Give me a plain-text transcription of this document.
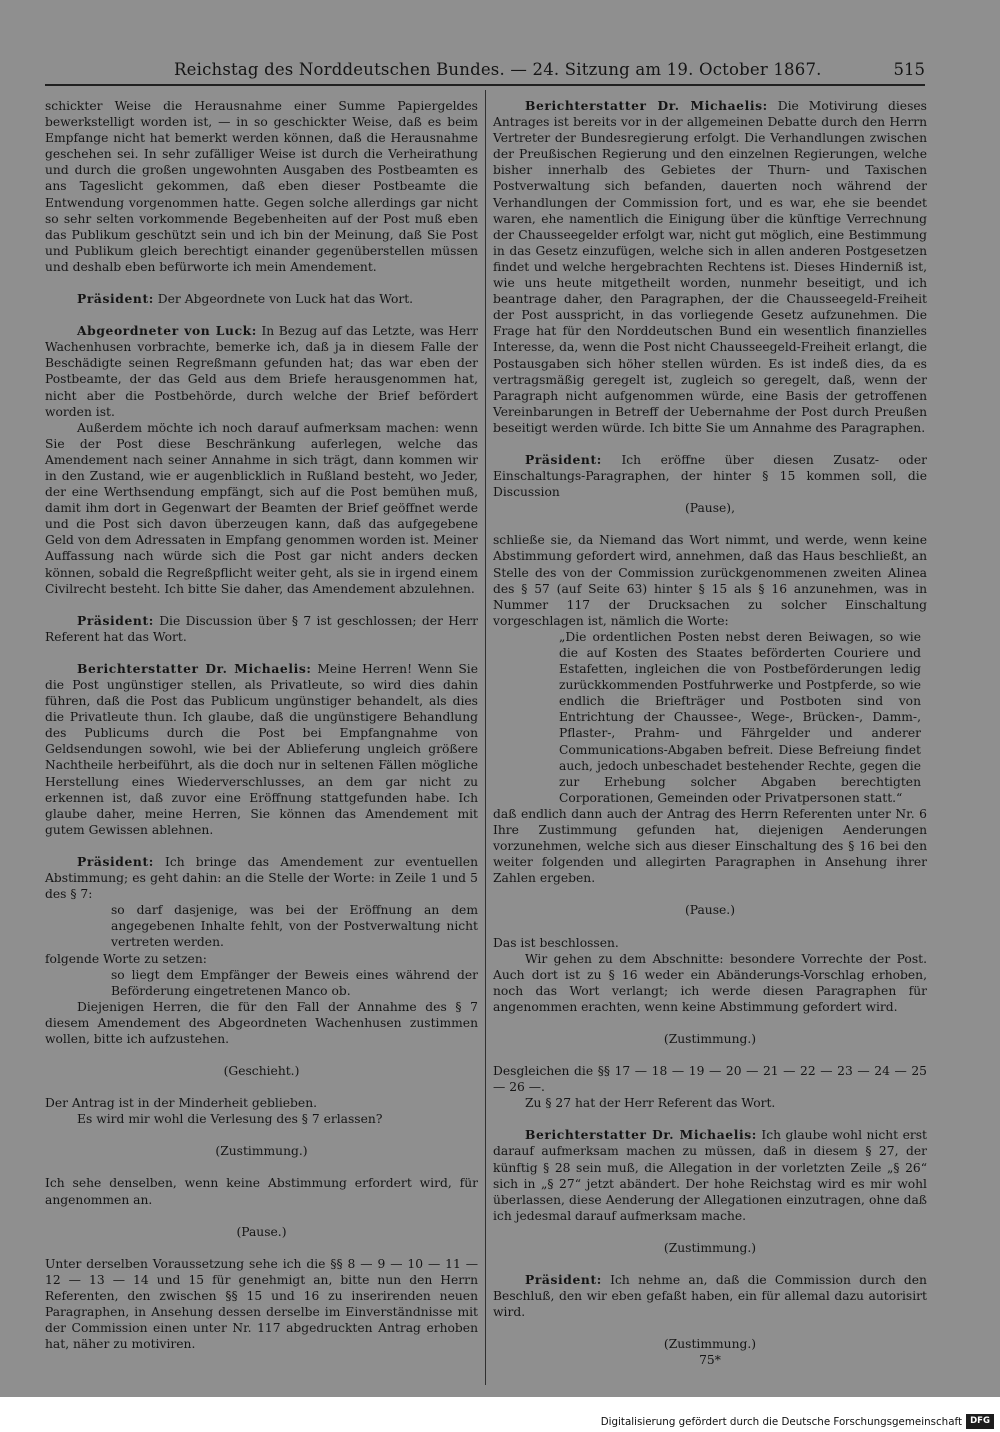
Reichstag des Norddeutschen Bundes. — 24. Sitzung am 19. October 1867.	515

schickter Weise die Herausnahme einer Summe Papiergeldes bewerkstelligt worden ist, — in so geschickter Weise, daß es beim Empfange nicht hat bemerkt werden können, daß die Herausnahme geschehen sei. In sehr zufälliger Weise ist durch die Verheirathung und durch die großen ungewohnten Ausgaben des Postbeamten es ans Tageslicht gekommen, daß eben dieser Postbeamte die Entwendung vorgenommen hatte. Gegen solche allerdings gar nicht so sehr selten vorkommende Begebenheiten auf der Post muß eben das Publikum geschützt sein und ich bin der Meinung, daß Sie Post und Publikum gleich berechtigt einander gegenüberstellen müssen und deshalb eben befürworte ich mein Amendement.

Präsident: Der Abgeordnete von Luck hat das Wort.

Abgeordneter von Luck: In Bezug auf das Letzte, was Herr Wachenhusen vorbrachte, bemerke ich, daß ja in diesem Falle der Beschädigte seinen Regreßmann gefunden hat; das war eben der Postbeamte, der das Geld aus dem Briefe herausgenommen hat, nicht aber die Postbehörde, durch welche der Brief befördert worden ist.

Außerdem möchte ich noch darauf aufmerksam machen: wenn Sie der Post diese Beschränkung auferlegen, welche das Amendement nach seiner Annahme in sich trägt, dann kommen wir in den Zustand, wie er augenblicklich in Rußland besteht, wo Jeder, der eine Werthsendung empfängt, sich auf die Post bemühen muß, damit ihm dort in Gegenwart der Beamten der Brief geöffnet werde und die Post sich davon überzeugen kann, daß das aufgegebene Geld von dem Adressaten in Empfang genommen worden ist. Meiner Auffassung nach würde sich die Post gar nicht anders decken können, sobald die Regreßpflicht weiter geht, als sie in irgend einem Civilrecht besteht. Ich bitte Sie daher, das Amendement abzulehnen.

Präsident: Die Discussion über § 7 ist geschlossen; der Herr Referent hat das Wort.

Berichterstatter Dr. Michaelis: Meine Herren! Wenn Sie die Post ungünstiger stellen, als Privatleute, so wird dies dahin führen, daß die Post das Publicum ungünstiger behandelt, als dies die Privatleute thun. Ich glaube, daß die ungünstigere Behandlung des Publicums durch die Post bei Empfangnahme von Geldsendungen sowohl, wie bei der Ablieferung ungleich größere Nachtheile herbeiführt, als die doch nur in seltenen Fällen mögliche Herstellung eines Wiederverschlusses, an dem gar nicht zu erkennen ist, daß zuvor eine Eröffnung stattgefunden habe. Ich glaube daher, meine Herren, Sie können das Amendement mit gutem Gewissen ablehnen.

Präsident: Ich bringe das Amendement zur eventuellen Abstimmung; es geht dahin: an die Stelle der Worte: in Zeile 1 und 5 des § 7:

so darf dasjenige, was bei der Eröffnung an dem angegebenen Inhalte fehlt, von der Postverwaltung nicht vertreten werden.

folgende Worte zu setzen:

so liegt dem Empfänger der Beweis eines während der Beförderung eingetretenen Manco ob.

Diejenigen Herren, die für den Fall der Annahme des § 7 diesem Amendement des Abgeordneten Wachenhusen zustimmen wollen, bitte ich aufzustehen.

(Geschieht.)

Der Antrag ist in der Minderheit geblieben.

Es wird mir wohl die Verlesung des § 7 erlassen?

(Zustimmung.)

Ich sehe denselben, wenn keine Abstimmung erfordert wird, für angenommen an.

(Pause.)

Unter derselben Voraussetzung sehe ich die §§ 8 — 9 — 10 — 11 — 12 — 13 — 14 und 15 für genehmigt an, bitte nun den Herrn Referenten, den zwischen §§ 15 und 16 zu inserirenden neuen Paragraphen, in Ansehung dessen derselbe im Einverständnisse mit der Commission einen unter Nr. 117 abgedruckten Antrag erhoben hat, näher zu motiviren.

Berichterstatter Dr. Michaelis: Die Motivirung dieses Antrages ist bereits vor in der allgemeinen Debatte durch den Herrn Vertreter der Bundesregierung erfolgt. Die Verhandlungen zwischen der Preußischen Regierung und den einzelnen Regierungen, welche bisher innerhalb des Gebietes der Thurn- und Taxischen Postverwaltung sich befanden, dauerten noch während der Verhandlungen der Commission fort, und es war, ehe sie beendet waren, ehe namentlich die Einigung über die künftige Verrechnung der Chausseegelder erfolgt war, nicht gut möglich, eine Bestimmung in das Gesetz einzufügen, welche sich in allen anderen Postgesetzen findet und welche hergebrachten Rechtens ist. Dieses Hinderniß ist, wie uns heute mitgetheilt worden, nunmehr beseitigt, und ich beantrage daher, den Paragraphen, der die Chausseegeld-Freiheit der Post ausspricht, in das vorliegende Gesetz aufzunehmen. Die Frage hat für den Norddeutschen Bund ein wesentlich finanzielles Interesse, da, wenn die Post nicht Chausseegeld-Freiheit erlangt, die Postausgaben sich höher stellen würden. Es ist indeß dies, da es vertragsmäßig geregelt ist, zugleich so geregelt, daß, wenn der Paragraph nicht aufgenommen würde, eine Basis der getroffenen Vereinbarungen in Betreff der Uebernahme der Post durch Preußen beseitigt werden würde. Ich bitte Sie um Annahme des Paragraphen.

Präsident: Ich eröffne über diesen Zusatz- oder Einschaltungs-Paragraphen, der hinter § 15 kommen soll, die Discussion

(Pause),

schließe sie, da Niemand das Wort nimmt, und werde, wenn keine Abstimmung gefordert wird, annehmen, daß das Haus beschließt, an Stelle des von der Commission zurückgenommenen zweiten Alinea des § 57 (auf Seite 63) hinter § 15 als § 16 anzunehmen, was in Nummer 117 der Drucksachen zu solcher Einschaltung vorgeschlagen ist, nämlich die Worte:

„Die ordentlichen Posten nebst deren Beiwagen, so wie die auf Kosten des Staates beförderten Couriere und Estafetten, ingleichen die von Postbeförderungen ledig zurückkommenden Postfuhrwerke und Postpferde, so wie endlich die Briefträger und Postboten sind von Entrichtung der Chaussee-, Wege-, Brücken-, Damm-, Pflaster-, Prahm- und Fährgelder und anderer Communications-Abgaben befreit. Diese Befreiung findet auch, jedoch unbeschadet bestehender Rechte, gegen die zur Erhebung solcher Abgaben berechtigten Corporationen, Gemeinden oder Privatpersonen statt.“

daß endlich dann auch der Antrag des Herrn Referenten unter Nr. 6 Ihre Zustimmung gefunden hat, diejenigen Aenderungen vorzunehmen, welche sich aus dieser Einschaltung des § 16 bei den weiter folgenden und allegirten Paragraphen in Ansehung ihrer Zahlen ergeben.

(Pause.)

Das ist beschlossen.

Wir gehen zu dem Abschnitte: besondere Vorrechte der Post. Auch dort ist zu § 16 weder ein Abänderungs-Vorschlag erhoben, noch das Wort verlangt; ich werde diesen Paragraphen für angenommen erachten, wenn keine Abstimmung gefordert wird.

(Zustimmung.)

Desgleichen die §§ 17 — 18 — 19 — 20 — 21 — 22 — 23 — 24 — 25 — 26 —.

Zu § 27 hat der Herr Referent das Wort.

Berichterstatter Dr. Michaelis: Ich glaube wohl nicht erst darauf aufmerksam machen zu müssen, daß in diesem § 27, der künftig § 28 sein muß, die Allegation in der vorletzten Zeile „§ 26“ sich in „§ 27“ jetzt abändert. Der hohe Reichstag wird es mir wohl überlassen, diese Aenderung der Allegationen einzutragen, ohne daß ich jedesmal darauf aufmerksam mache.

(Zustimmung.)

Präsident: Ich nehme an, daß die Commission durch den Beschluß, den wir eben gefaßt haben, ein für allemal dazu autorisirt wird.

(Zustimmung.)

75*

Digitalisierung gefördert durch die Deutsche Forschungsgemeinschaft DFG
